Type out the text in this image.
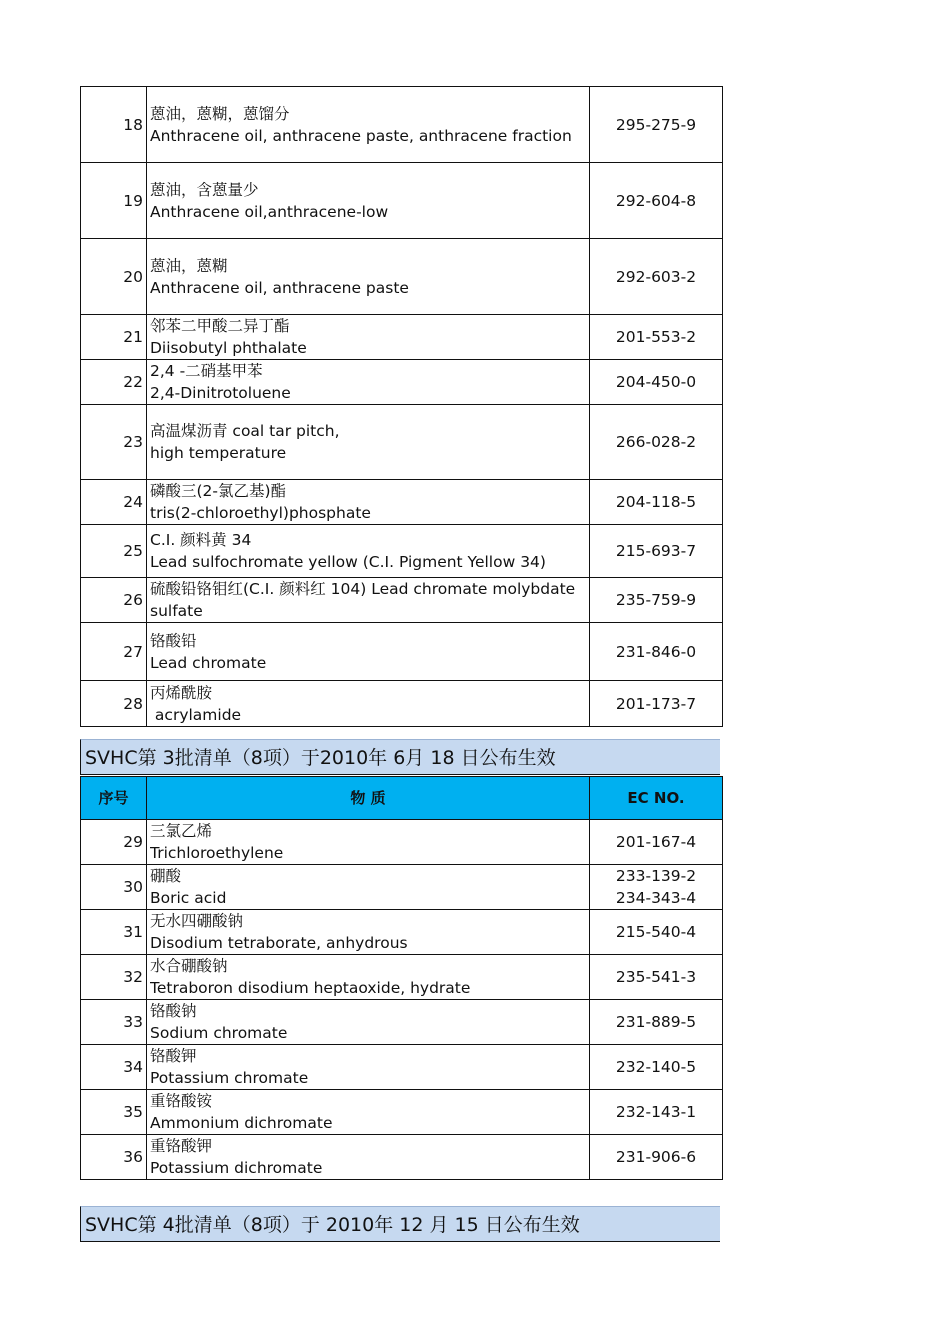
18	蒽油，蒽糊，蒽馏分
Anthracene oil, anthracene paste, anthracene fraction	295-275-9

19	蒽油，含蒽量少
Anthracene oil,anthracene-low	292-604-8

20	蒽油，蒽糊
Anthracene oil, anthracene paste	292-603-2

21	邻苯二甲酸二异丁酯
Diisobutyl phthalate	201-553-2

22	2,4 -二硝基甲苯
2,4-Dinitrotoluene	204-450-0

23	高温煤沥青 coal tar pitch,
high temperature	266-028-2

24	磷酸三(2-氯乙基)酯
tris(2-chloroethyl)phosphate	204-118-5

25	C.I. 颜料黄 34
Lead sulfochromate yellow (C.I. Pigment Yellow 34)	215-693-7

26	硫酸铅铬钼红(C.I. 颜料红 104) Lead chromate molybdate
sulfate	235-759-9

27	铬酸铅
Lead chromate	231-846-0

28	丙烯酰胺
acrylamide	201-173-7
SVHC第 3批清单（8项）于2010年 6月 18 日公布生效
序号	物 质	EC NO.
29	三氯乙烯
Trichloroethylene	201-167-4

30	硼酸
Boric acid	233-139-2
234-343-4

31	无水四硼酸钠
Disodium tetraborate, anhydrous	215-540-4

32	水合硼酸钠
Tetraboron disodium heptaoxide, hydrate	235-541-3

33	铬酸钠
Sodium chromate	231-889-5

34	铬酸钾
Potassium chromate	232-140-5

35	重铬酸铵
Ammonium dichromate	232-143-1

36	重铬酸钾
Potassium dichromate	231-906-6
SVHC第 4批清单（8项）于 2010年 12 月 15 日公布生效
